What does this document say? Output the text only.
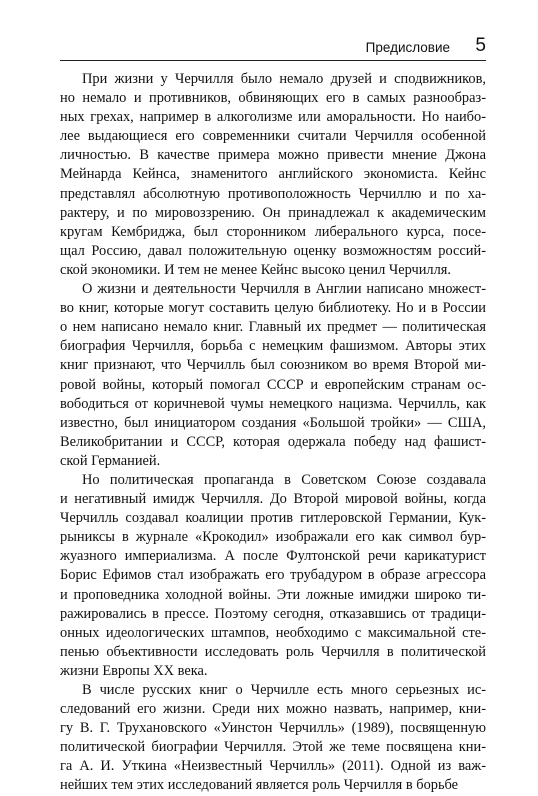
Предисловие 5
При жизни у Черчилля было немало друзей и сподвижников,
но немало и противников, обвиняющих его в самых разнообраз-
ных грехах, например в алкоголизме или аморальности. Но наибо-
лее выдающиеся его современники считали Черчилля особенной
личностью. В качестве примера можно привести мнение Джона
Мейнарда Кейнса, знаменитого английского экономиста. Кейнс
представлял абсолютную противоположность Черчиллю и по ха-
рактеру, и по мировоззрению. Он принадлежал к академическим
кругам Кембриджа, был сторонником либерального курса, посе-
щал Россию, давал положительную оценку возможностям россий-
ской экономики. И тем не менее Кейнс высоко ценил Черчилля.
О жизни и деятельности Черчилля в Англии написано множест-
во книг, которые могут составить целую библиотеку. Но и в России
о нем написано немало книг. Главный их предмет — политическая
биография Черчилля, борьба с немецким фашизмом. Авторы этих
книг признают, что Черчилль был союзником во время Второй ми-
ровой войны, который помогал СССР и европейским странам ос-
вободиться от коричневой чумы немецкого нацизма. Черчилль, как
известно, был инициатором создания «Большой тройки» — США,
Великобритании и СССР, которая одержала победу над фашист-
ской Германией.
Но политическая пропаганда в Советском Союзе создавала
и негативный имидж Черчилля. До Второй мировой войны, когда
Черчилль создавал коалиции против гитлеровской Германии, Кук-
рыниксы в журнале «Крокодил» изображали его как символ бур-
жуазного империализма. А после Фултонской речи карикатурист
Борис Ефимов стал изображать его трубадуром в образе агрессора
и проповедника холодной войны. Эти ложные имиджи широко ти-
ражировались в прессе. Поэтому сегодня, отказавшись от традици-
онных идеологических штампов, необходимо с максимальной сте-
пенью объективности исследовать роль Черчилля в политической
жизни Европы XX века.
В числе русских книг о Черчилле есть много серьезных ис-
следований его жизни. Среди них можно назвать, например, кни-
гу В. Г. Трухановского «Уинстон Черчилль» (1989), посвященную
политической биографии Черчилля. Этой же теме посвящена кни-
га А. И. Уткина «Неизвестный Черчилль» (2011). Одной из важ-
нейших тем этих исследований является роль Черчилля в борьбе
